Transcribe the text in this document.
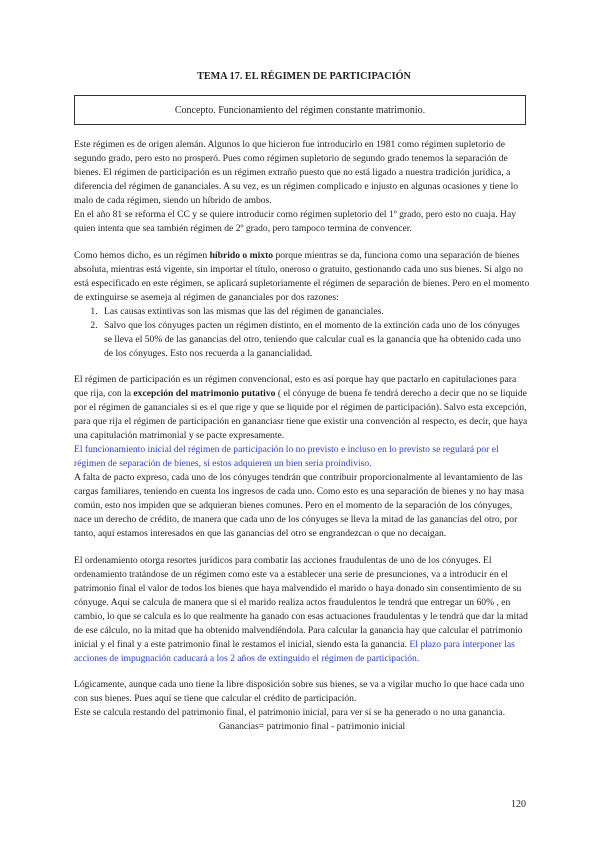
TEMA 17. EL RÉGIMEN DE PARTICIPACIÓN
Concepto. Funcionamiento del régimen constante matrimonio.

Este régimen es de origen alemán. Algunos lo que hicieron fue introducirlo en 1981 como régimen supletorio de segundo grado, pero esto no prosperó. Pues como régimen supletorio de segundo grado tenemos la separación de bienes. El régimen de participación es un régimen extraño puesto que no está ligado a nuestra tradición jurídica, a diferencia del régimen de gananciales. A su vez, es un régimen complicado e injusto en algunas ocasiones y tiene lo malo de cada régimen, siendo un híbrido de ambos.

En el año 81 se reforma el CC y se quiere introducir como régimen supletorio del 1º grado, pero esto no cuaja. Hay quien intenta que sea también régimen de 2º grado, pero tampoco termina de convencer.

Como hemos dicho, es un régimen híbrido o mixto porque mientras se da, funciona como una separación de bienes absoluta, mientras está vigente, sin importar el título, oneroso o gratuito, gestionando cada uno sus bienes. Si algo no está especificado en este régimen, se aplicará supletoriamente el régimen de separación de bienes. Pero en el momento de extinguirse se asemeja al régimen de gananciales por dos razones:

1. Las causas extintivas son las mismas que las del régimen de gananciales.
2. Salvo que los cónyuges pacten un régimen distinto, en el momento de la extinción cada uno de los cónyuges se lleva el 50% de las ganancias del otro, teniendo que calcular cual es la ganancia que ha obtenido cada uno de los cónyuges. Esto nos recuerda a la ganancialidad.

El régimen de participación es un régimen convencional, esto es así porque hay que pactarlo en capitulaciones para que rija, con la excepción del matrimonio putativo ( el cónyuge de buena fe tendrá derecho a decir que no se liquide por el régimen de gananciales si es el que rige y que se liquide por el régimen de participación). Salvo esta excepción, para que rija el régimen de participación en gananciasr tiene que existir una convención al respecto, es decir, que haya una capitulación matrimonial y se pacte expresamente.

El funcionamiento inicial del régimen de participación lo no previsto e incluso en lo previsto se regulará por el régimen de separación de bienes, si estos adquieren un bien seria proindiviso.

A falta de pacto expreso, cada uno de los cónyuges tendrán que contribuir proporcionalmente al levantamiento de las cargas familiares, teniendo en cuenta los ingresos de cada uno. Como esto es una separación de bienes y no hay masa común, esto nos impiden que se adquieran bienes comunes. Pero en el momento de la separación de los cónyuges, nace un derecho de crédito, de manera que cada uno de los cónyuges se lleva la mitad de las ganancias del otro, por tanto, aquí estamos interesados en que las ganancias del otro se engrandezcan o que no decaigan.

El ordenamiento otorga resortes jurídicos para combatir las acciones fraudulentas de uno de los cónyuges. El ordenamiento tratándose de un régimen como este va a establecer una serie de presunciones, va a introducir en el patrimonio final el valor de todos los bienes que haya malvendido el marido o haya donado sin consentimiento de su cónyuge. Aquí se calcula de manera que si el marido realiza actos fraudulentos le tendrá que entregar un 60% , en cambio, lo que se calcula es lo que realmente ha ganado con esas actuaciones fraudulentas y le tendrá que dar la mitad de ese cálculo, no la mitad que ha obtenido malvendiéndola. Para calcular la ganancia hay que calcular el patrimonio inicial y el final y a este patrimonio final le restamos el inicial, siendo esta la ganancia. El plazo para interponer las acciones de impugnación caducará a los 2 años de extinguido el régimen de participación.

Lógicamente, aunque cada uno tiene la libre disposición sobre sus bienes, se va a vigilar mucho lo que hace cada uno con sus bienes. Pues aquí se tiene que calcular el crédito de participación.

Este se calcula restando del patrimonio final, el patrimonio inicial, para ver si se ha generado o no una ganancia.

Ganancias= patrimonio final - patrimonio inicial

120
